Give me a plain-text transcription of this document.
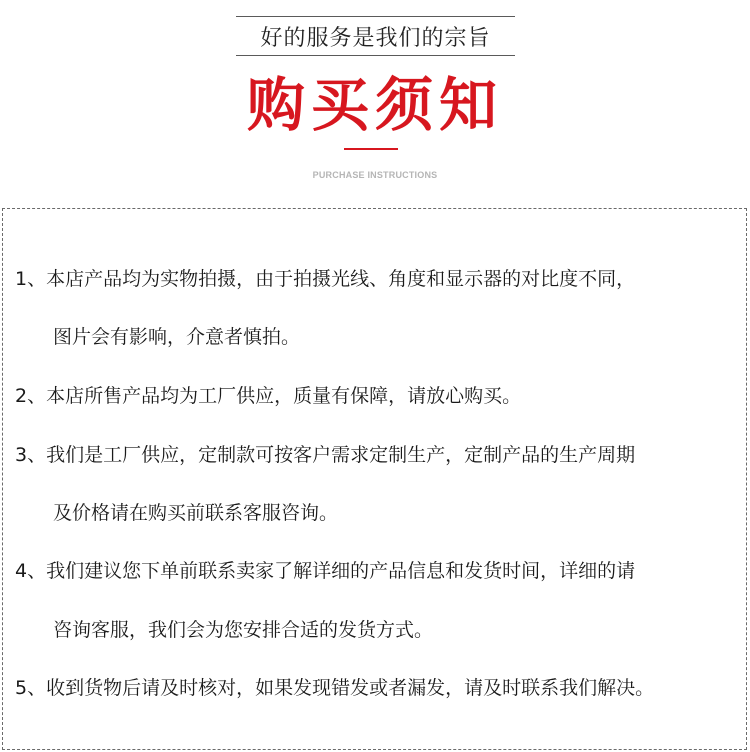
好的服务是我们的宗旨
购买须知
PURCHASE INSTRUCTIONS
1、本店产品均为实物拍摄，由于拍摄光线、角度和显示器的对比度不同，
图片会有影响，介意者慎拍。
2、本店所售产品均为工厂供应，质量有保障，请放心购买。
3、我们是工厂供应，定制款可按客户需求定制生产，定制产品的生产周期
及价格请在购买前联系客服咨询。
4、我们建议您下单前联系卖家了解详细的产品信息和发货时间，详细的请
咨询客服，我们会为您安排合适的发货方式。
5、收到货物后请及时核对，如果发现错发或者漏发，请及时联系我们解决。
